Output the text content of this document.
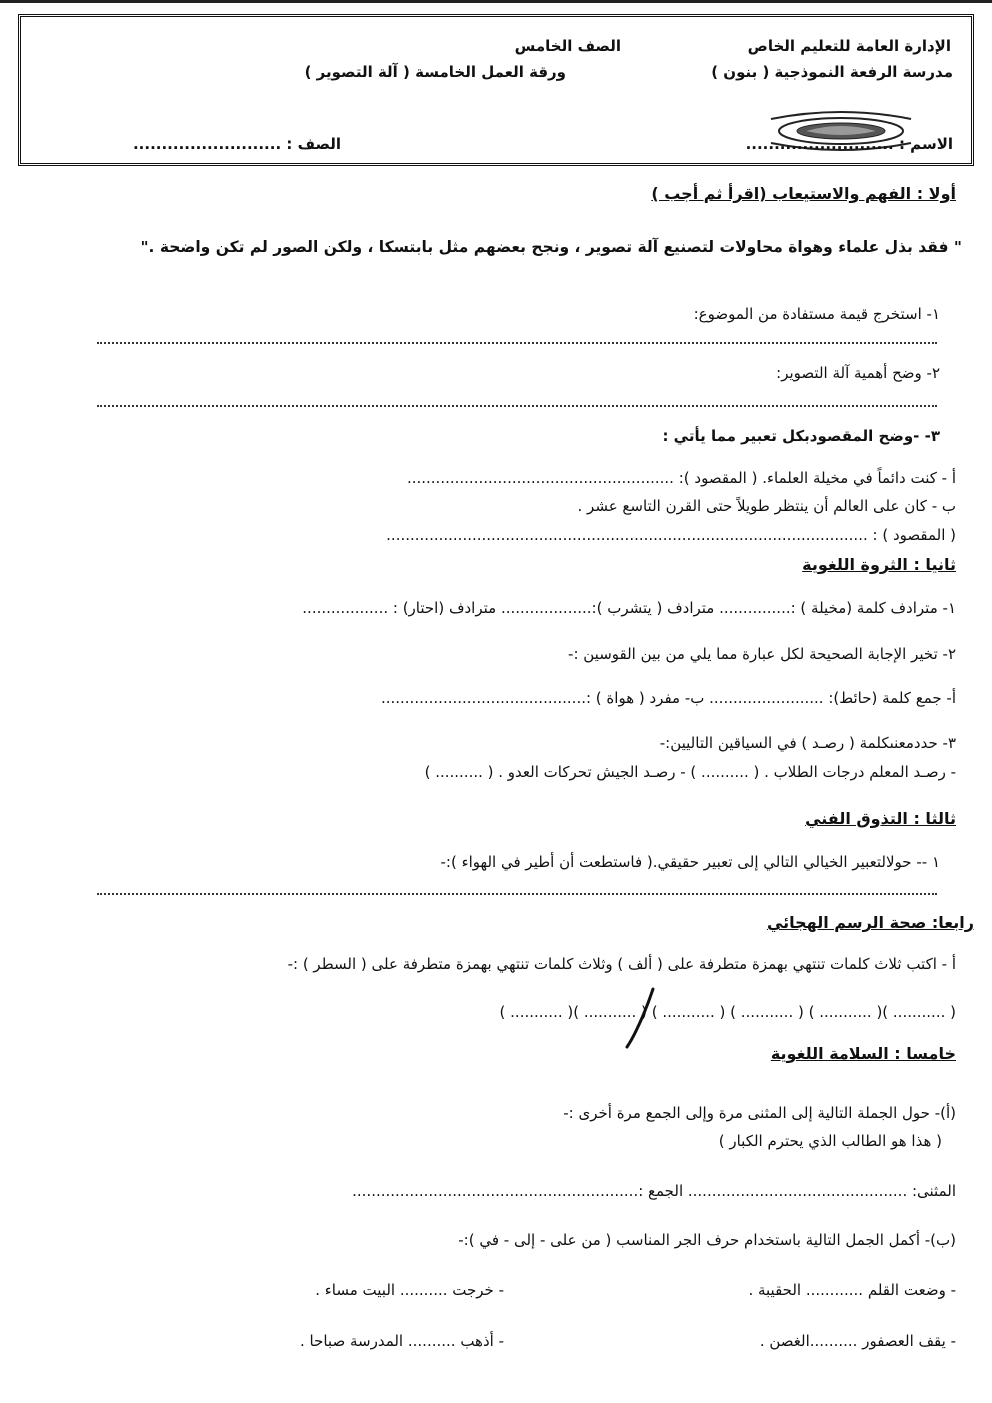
الإدارة العامة للتعليم الخاص
مدرسة الرفعة النموذجية ( بنون )
الصف الخامس
ورقة العمل الخامسة ( آلة التصوير )
الاسم : ..........................
الصف : ..........................
أولا : الفهم والاستيعاب (اقرأ ثم أجب )
" فقد بذل علماء وهواة محاولات لتصنيع آلة تصوير ، ونجح بعضهم مثل بابتسكا ، ولكن الصور لم تكن واضحة ."
١- استخرج قيمة مستفادة من الموضوع:
٢- وضح أهمية آلة التصوير:
٣- -وضح المقصودبكل تعبير مما يأتي :
أ - كنت دائماً في مخيلة العلماء. ( المقصود ): ........................................................
ب - كان على العالم أن ينتظر طويلاً حتى القرن التاسع عشر .
( المقصود ) : .....................................................................................................
ثانيا : الثروة اللغوية
١- مترادف كلمة (مخيلة ) :............... مترادف ( يتشرب ):................... مترادف (احتار) : ..................
٢- تخير الإجابة الصحيحة لكل عبارة مما يلي من بين القوسين :-
أ- جمع كلمة (حائط): ........................ ب- مفرد ( هواة ) :...........................................
٣- حددمعنىكلمة ( رصـد ) في السياقين التاليين:-
- رصـد المعلم درجات الطلاب . ( .......... ) - رصـد الجيش تحركات العدو . ( .......... )
ثالثا : التذوق الفني
١ -- حولالتعبير الخيالي التالي إلى تعبير حقيقي.( فاستطعت أن أطير في الهواء ):-
رابعا: صحة الرسم الهجائي
أ - اكتب ثلاث كلمات تنتهي بهمزة متطرفة على ( ألف ) وثلاث كلمات تنتهي بهمزة متطرفة على ( السطر ) :-
( ........... )( ........... ) ( ........... ) ( ........... ) ( ........... )( ........... )
خامسا : السلامة اللغوية
(أ)- حول الجملة التالية إلى المثنى مرة وإلى الجمع مرة أخرى :-
( هذا هو الطالب الذي يحترم الكبار )
المثنى: .............................................. الجمع :............................................................
(ب)- أكمل الجمل التالية باستخدام حرف الجر المناسب ( من على - إلى - في ):-
- وضعت القلم ............ الحقيبة .
- خرجت .......... البيت مساء .
- يقف العصفور ..........الغصن .
- أذهب .......... المدرسة صباحا .
